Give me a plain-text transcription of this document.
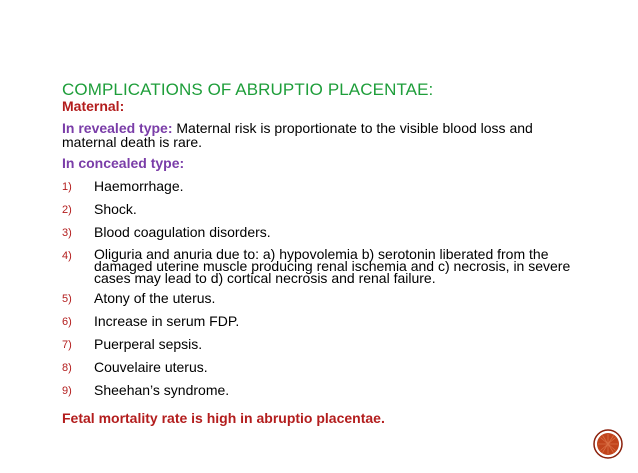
COMPLICATIONS OF ABRUPTIO PLACENTAE:
Maternal:
In revealed type: Maternal risk is proportionate to the visible blood loss and maternal death is rare.
In concealed type:
1)	Haemorrhage.
2)	Shock.
3)	Blood coagulation disorders.
4)	Oliguria and anuria due to: a) hypovolemia b) serotonin liberated from the damaged uterine muscle producing renal ischemia and c) necrosis, in severe cases may lead to d) cortical necrosis and renal failure.
5)	Atony of the uterus.
6)	Increase in serum FDP.
7)	Puerperal sepsis.
8)	Couvelaire uterus.
9)	Sheehan’s syndrome.
Fetal mortality rate is high in abruptio placentae.
